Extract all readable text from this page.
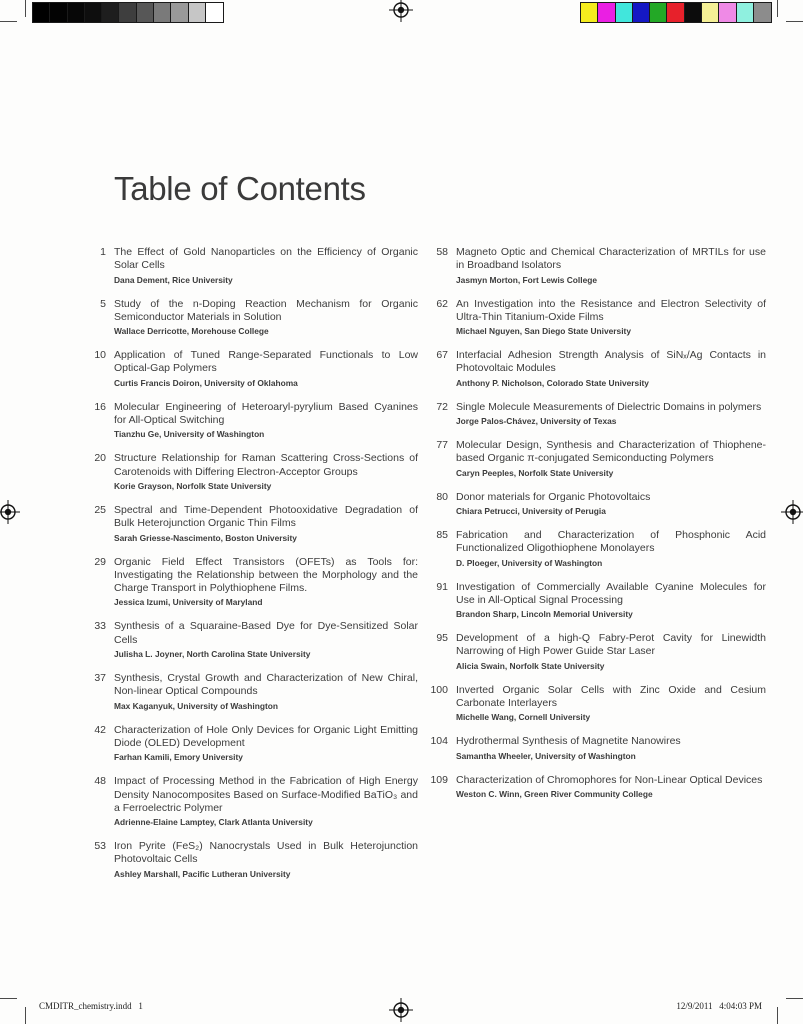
Table of Contents
1 The Effect of Gold Nanoparticles on the Efficiency of Organic Solar Cells
Dana Dement, Rice University
5 Study of the n-Doping Reaction Mechanism for Organic Semiconductor Materials in Solution
Wallace Derricotte, Morehouse College
10 Application of Tuned Range-Separated Functionals to Low Optical-Gap Polymers
Curtis Francis Doiron, University of Oklahoma
16 Molecular Engineering of Heteroaryl-pyrylium Based Cyanines for All-Optical Switching
Tianzhu Ge, University of Washington
20 Structure Relationship for Raman Scattering Cross-Sections of Carotenoids with Differing Electron-Acceptor Groups
Korie Grayson, Norfolk State University
25 Spectral and Time-Dependent Photooxidative Degradation of Bulk Heterojunction Organic Thin Films
Sarah Griesse-Nascimento, Boston University
29 Organic Field Effect Transistors (OFETs) as Tools for: Investigating the Relationship between the Morphology and the Charge Transport in Polythiophene Films.
Jessica Izumi, University of Maryland
33 Synthesis of a Squaraine-Based Dye for Dye-Sensitized Solar Cells
Julisha L. Joyner, North Carolina State University
37 Synthesis, Crystal Growth and Characterization of New Chiral, Non-linear Optical Compounds
Max Kaganyuk, University of Washington
42 Characterization of Hole Only Devices for Organic Light Emitting Diode (OLED) Development
Farhan Kamili, Emory University
48 Impact of Processing Method in the Fabrication of High Energy Density Nanocomposites Based on Surface-Modified BaTiO₃ and a Ferroelectric Polymer
Adrienne-Elaine Lamptey, Clark Atlanta University
53 Iron Pyrite (FeS₂) Nanocrystals Used in Bulk Heterojunction Photovoltaic Cells
Ashley Marshall, Pacific Lutheran University
58 Magneto Optic and Chemical Characterization of MRTILs for use in Broadband Isolators
Jasmyn Morton, Fort Lewis College
62 An Investigation into the Resistance and Electron Selectivity of Ultra-Thin Titanium-Oxide Films
Michael Nguyen, San Diego State University
67 Interfacial Adhesion Strength Analysis of SiNₓ/Ag Contacts in Photovoltaic Modules
Anthony P. Nicholson, Colorado State University
72 Single Molecule Measurements of Dielectric Domains in polymers
Jorge Palos-Chávez, University of Texas
77 Molecular Design, Synthesis and Characterization of Thiophene-based Organic π-conjugated Semiconducting Polymers
Caryn Peeples, Norfolk State University
80 Donor materials for Organic Photovoltaics
Chiara Petrucci, University of Perugia
85 Fabrication and Characterization of Phosphonic Acid Functionalized Oligothiophene Monolayers
D. Ploeger, University of Washington
91 Investigation of Commercially Available Cyanine Molecules for Use in All-Optical Signal Processing
Brandon Sharp, Lincoln Memorial University
95 Development of a high-Q Fabry-Perot Cavity for Linewidth Narrowing of High Power Guide Star Laser
Alicia Swain, Norfolk State University
100 Inverted Organic Solar Cells with Zinc Oxide and Cesium Carbonate Interlayers
Michelle Wang, Cornell University
104 Hydrothermal Synthesis of Magnetite Nanowires
Samantha Wheeler, University of Washington
109 Characterization of Chromophores for Non-Linear Optical Devices
Weston C. Winn, Green River Community College
CMDITR_chemistry.indd   1	12/9/2011   4:04:03 PM
